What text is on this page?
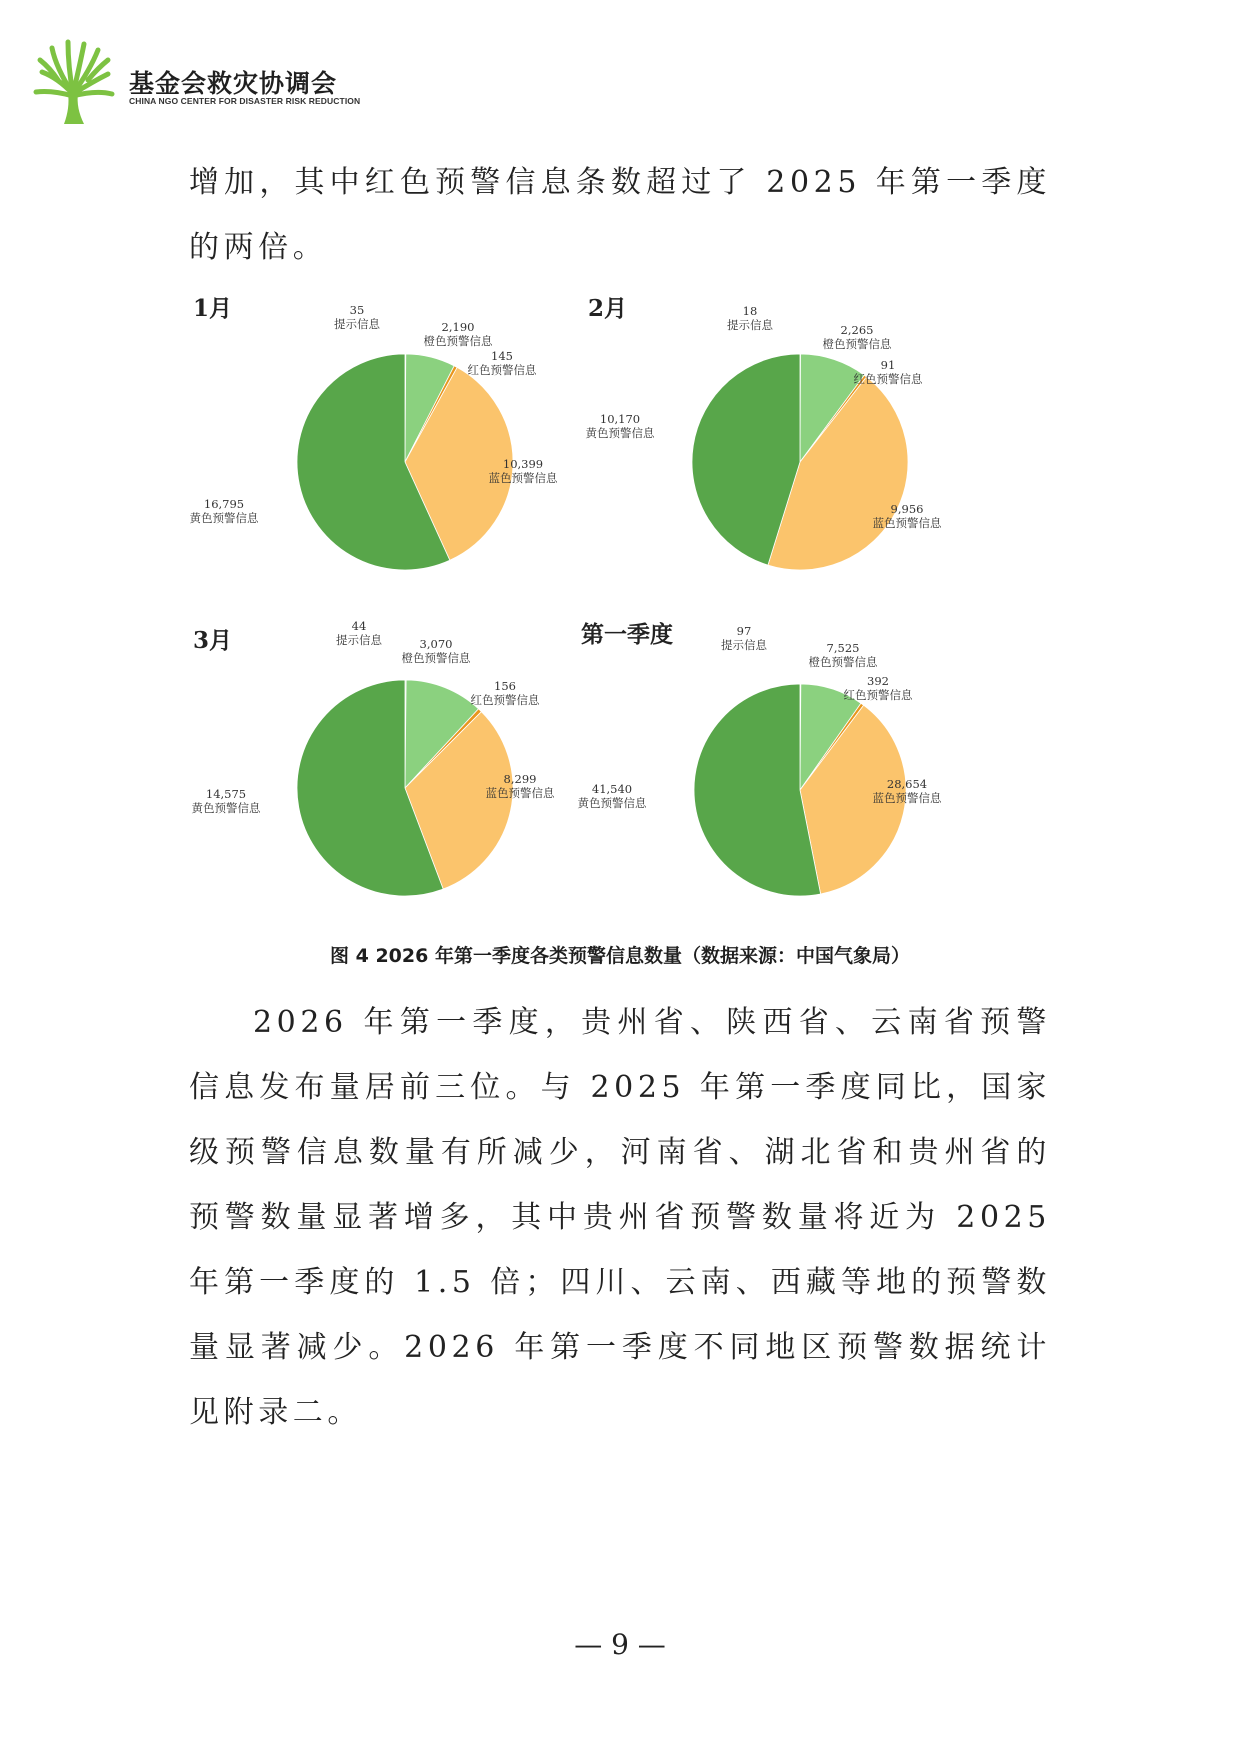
基金会救灾协调会
CHINA NGO CENTER FOR DISASTER RISK REDUCTION

增加，其中红色预警信息条数超过了 2025 年第一季度的两倍。

1月	35
提示信息	2,190
橙色预警信息
145
红色预警信息
10,399
蓝色预警信息
16,795
黄色预警信息
2月	18
提示信息	2,265
橙色预警信息
91
红色预警信息
9,956
蓝色预警信息
10,170
黄色预警信息
3月
44
提示信息	3,070
橙色预警信息
156
红色预警信息
8,299
蓝色预警信息
14,575
黄色预警信息
第一季度	97
提示信息	7,525
橙色预警信息
392
红色预警信息
28,654
蓝色预警信息
41,540
黄色预警信息

图 4 2026 年第一季度各类预警信息数量（数据来源：中国气象局）

2026 年第一季度，贵州省、陕西省、云南省预警信息发布量居前三位。与 2025 年第一季度同比，国家级预警信息数量有所减少，河南省、湖北省和贵州省的预警数量显著增多，其中贵州省预警数量将近为 2025 年第一季度的 1.5 倍；四川、云南、西藏等地的预警数量显著减少。2026 年第一季度不同地区预警数据统计见附录二。

— 9 —
